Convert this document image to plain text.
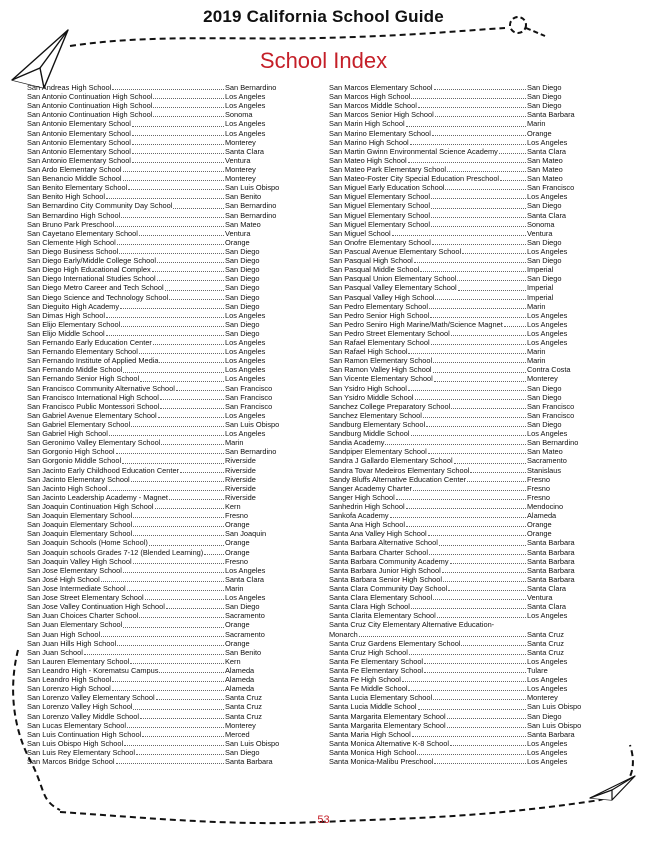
2019 California School Guide
School Index
San Andreas High School	San Bernardino
San Antonio Continuation High School	Los Angeles
San Antonio Continuation High School	Los Angeles
San Antonio Continuation High School	Sonoma
San Antonio Elementary School	Los Angeles
San Antonio Elementary School	Los Angeles
San Antonio Elementary School	Monterey
San Antonio Elementary School	Santa Clara
San Antonio Elementary School	Ventura
San Ardo Elementary School	Monterey
San Benancio Middle School	Monterey
San Benito Elementary School	San Luis Obispo
San Benito High School	San Benito
San Bernardino City Community Day School	San Bernardino
San Bernardino High School	San Bernardino
San Bruno Park Preschool	San Mateo
San Cayetano Elementary School	Ventura
San Clemente High School	Orange
San Diego Business School	San Diego
San Diego Early/Middle College School	San Diego
San Diego High Educational Complex	San Diego
San Diego International Studies School	San Diego
San Diego Metro Career and Tech School	San Diego
San Diego Science and Technology School	San Diego
San Dieguito High Academy	San Diego
San Dimas High School	Los Angeles
San Elijo Elementary School	San Diego
San Elijo Middle School	San Diego
San Fernando Early Education Center	Los Angeles
San Fernando Elementary School	Los Angeles
San Fernando Institute of Applied Media	Los Angeles
San Fernando Middle School	Los Angeles
San Fernando Senior High School	Los Angeles
San Francisco Community Alternative School	San Francisco
San Francisco International High School	San Francisco
San Francisco Public Montessori School	San Francisco
San Gabriel Avenue Elementary School	Los Angeles
San Gabriel Elementary School	San Luis Obispo
San Gabriel High School	Los Angeles
San Geronimo Valley Elementary School	Marin
San Gorgonio High School	San Bernardino
San Gorgonio Middle School	Riverside
San Jacinto Early Childhood Education Center	Riverside
San Jacinto Elementary School	Riverside
San Jacinto High School	Riverside
San Jacinto Leadership Academy - Magnet	Riverside
San Joaquin Continuation High School	Kern
San Joaquin Elementary School	Fresno
San Joaquin Elementary School	Orange
San Joaquin Elementary School	San Joaquin
San Joaquin Schools (Home School)	Orange
San Joaquin schools Grades 7-12 (Blended Learning)	Orange
San Joaquin Valley High School	Fresno
San Jose Elementary School	Los Angeles
San José High School	Santa Clara
San Jose Intermediate School	Marin
San Jose Street Elementary School	Los Angeles
San Jose Valley Continuation High School	San Diego
San Juan Choices Charter School	Sacramento
San Juan Elementary School	Orange
San Juan High School	Sacramento
San Juan Hills High School	Orange
San Juan School	San Benito
San Lauren Elementary School	Kern
San Leandro High - Korematsu Campus	Alameda
San Leandro High School	Alameda
San Lorenzo High School	Alameda
San Lorenzo Valley Elementary School	Santa Cruz
San Lorenzo Valley High School	Santa Cruz
San Lorenzo Valley Middle School	Santa Cruz
San Lucas Elementary School	Monterey
San Luis Continuation High School	Merced
San Luis Obispo High School	San Luis Obispo
San Luis Rey Elementary School	San Diego
San Marcos Bridge School	Santa Barbara
San Marcos Elementary School	San Diego
San Marcos High School	San Diego
San Marcos Middle School	San Diego
San Marcos Senior High School	Santa Barbara
San Marin High School	Marin
San Marino Elementary School	Orange
San Marino High School	Los Angeles
San Martin Gwinn Environmental Science Academy	Santa Clara
San Mateo High School	San Mateo
San Mateo Park Elementary School	San Mateo
San Mateo-Foster City Special Education Preschool	San Mateo
San Miguel Early Education School	San Francisco
San Miguel Elementary School	Los Angeles
San Miguel Elementary School	San Diego
San Miguel Elementary School	Santa Clara
San Miguel Elementary School	Sonoma
San Miguel School	Ventura
San Onofre Elementary School	San Diego
San Pascual Avenue Elementary School	Los Angeles
San Pasqual High School	San Diego
San Pasqual Middle School	Imperial
San Pasqual Union Elementary School	San Diego
San Pasqual Valley Elementary School	Imperial
San Pasqual Valley High School	Imperial
San Pedro Elementary School	Marin
San Pedro Senior High School	Los Angeles
San Pedro Seniro High Marine/Math/Science Magnet	Los Angeles
San Pedro Street Elementary School	Los Angeles
San Rafael Elementary School	Los Angeles
San Rafael High School	Marin
San Ramon Elementary School	Marin
San Ramon Valley High School	Contra Costa
San Vicente Elementary School	Monterey
San Ysidro High School	San Diego
San Ysidro Middle School	San Diego
Sanchez College Preparatory School	San Francisco
Sanchez Elementary School	San Francisco
Sandburg Elementary School	San Diego
Sandburg Middle School	Los Angeles
Sandia Academy	San Bernardino
Sandpiper Elementary School	San Mateo
Sandra J Gallardo Elementary School	Sacramento
Sandra Tovar Medeiros Elementary School	Stanislaus
Sandy Bluffs Alternative Education Center	Fresno
Sanger Academy Charter	Fresno
Sanger High School	Fresno
Sanhedrin High School	Mendocino
Sankofa Academy	Alameda
Santa Ana High School	Orange
Santa Ana Valley High School	Orange
Santa Barbara Alternative School	Santa Barbara
Santa Barbara Charter School	Santa Barbara
Santa Barbara Community Academy	Santa Barbara
Santa Barbara Junior High School	Santa Barbara
Santa Barbara Senior High School	Santa Barbara
Santa Clara Community Day School	Santa Clara
Santa Clara Elementary School	Ventura
Santa Clara High School	Santa Clara
Santa Clarita Elementary School	Los Angeles
Santa Cruz City Elementary Alternative Education-
Monarch	Santa Cruz
Santa Cruz Gardens Elementary School	Santa Cruz
Santa Cruz High School	Santa Cruz
Santa Fe Elementary School	Los Angeles
Santa Fe Elementary School	Tulare
Santa Fe High School	Los Angeles
Santa Fe Middle School	Los Angeles
Santa Lucia Elementary School	Monterey
Santa Lucia Middle School	San Luis Obispo
Santa Margarita Elementary School	San Diego
Santa Margarita Elementary School	San Luis Obispo
Santa Maria High School	Santa Barbara
Santa Monica Alternative K-8 School	Los Angeles
Santa Monica High School	Los Angeles
Santa Monica-Malibu Preschool	Los Angeles
53
